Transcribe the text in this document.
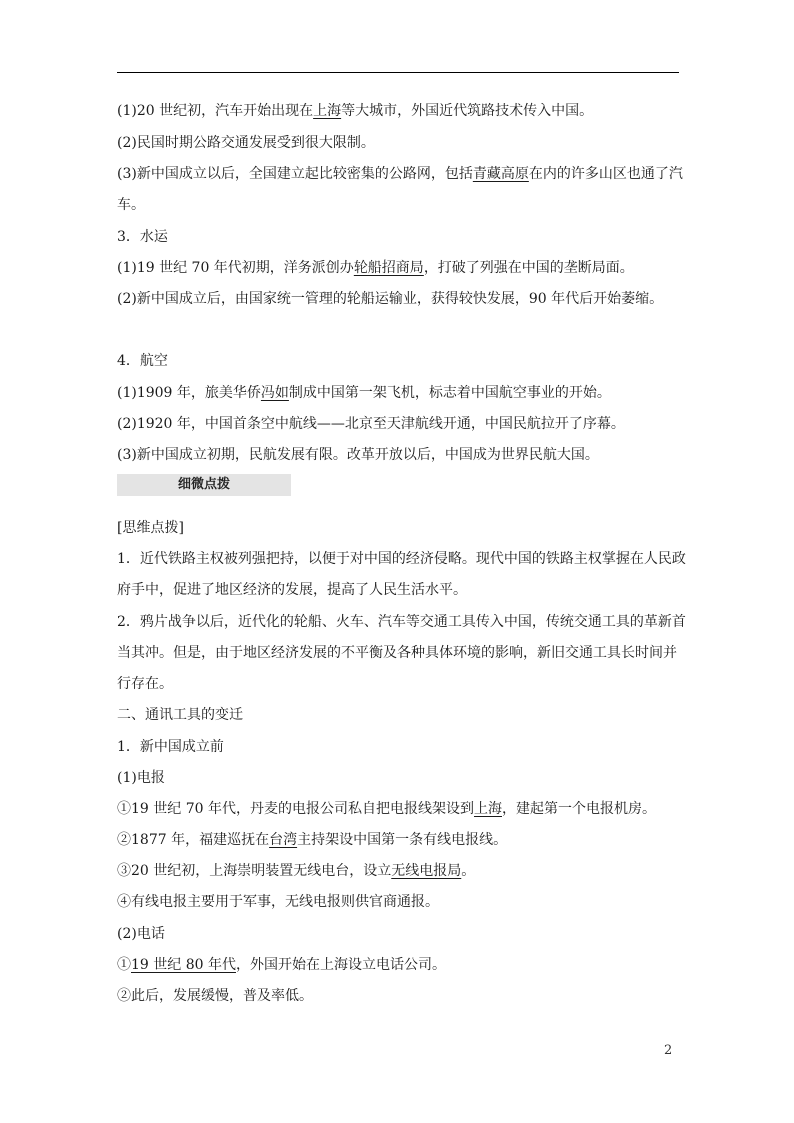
(1)20 世纪初，汽车开始出现在上海等大城市，外国近代筑路技术传入中国。
(2)民国时期公路交通发展受到很大限制。
(3)新中国成立以后，全国建立起比较密集的公路网，包括青藏高原在内的许多山区也通了汽
车。
3．水运
(1)19 世纪 70 年代初期，洋务派创办轮船招商局，打破了列强在中国的垄断局面。
(2)新中国成立后，由国家统一管理的轮船运输业，获得较快发展，90 年代后开始萎缩。
4．航空
(1)1909 年，旅美华侨冯如制成中国第一架飞机，标志着中国航空事业的开始。
(2)1920 年，中国首条空中航线——北京至天津航线开通，中国民航拉开了序幕。
(3)新中国成立初期，民航发展有限。改革开放以后，中国成为世界民航大国。
细微点拨
[思维点拨]
1．近代铁路主权被列强把持，以便于对中国的经济侵略。现代中国的铁路主权掌握在人民政
府手中，促进了地区经济的发展，提高了人民生活水平。
2．鸦片战争以后，近代化的轮船、火车、汽车等交通工具传入中国，传统交通工具的革新首
当其冲。但是，由于地区经济发展的不平衡及各种具体环境的影响，新旧交通工具长时间并
行存在。
二、通讯工具的变迁
1．新中国成立前
(1)电报
①19 世纪 70 年代，丹麦的电报公司私自把电报线架设到上海，建起第一个电报机房。
②1877 年，福建巡抚在台湾主持架设中国第一条有线电报线。
③20 世纪初，上海崇明装置无线电台，设立无线电报局。
④有线电报主要用于军事，无线电报则供官商通报。
(2)电话
①19 世纪 80 年代，外国开始在上海设立电话公司。
②此后，发展缓慢，普及率低。
2
